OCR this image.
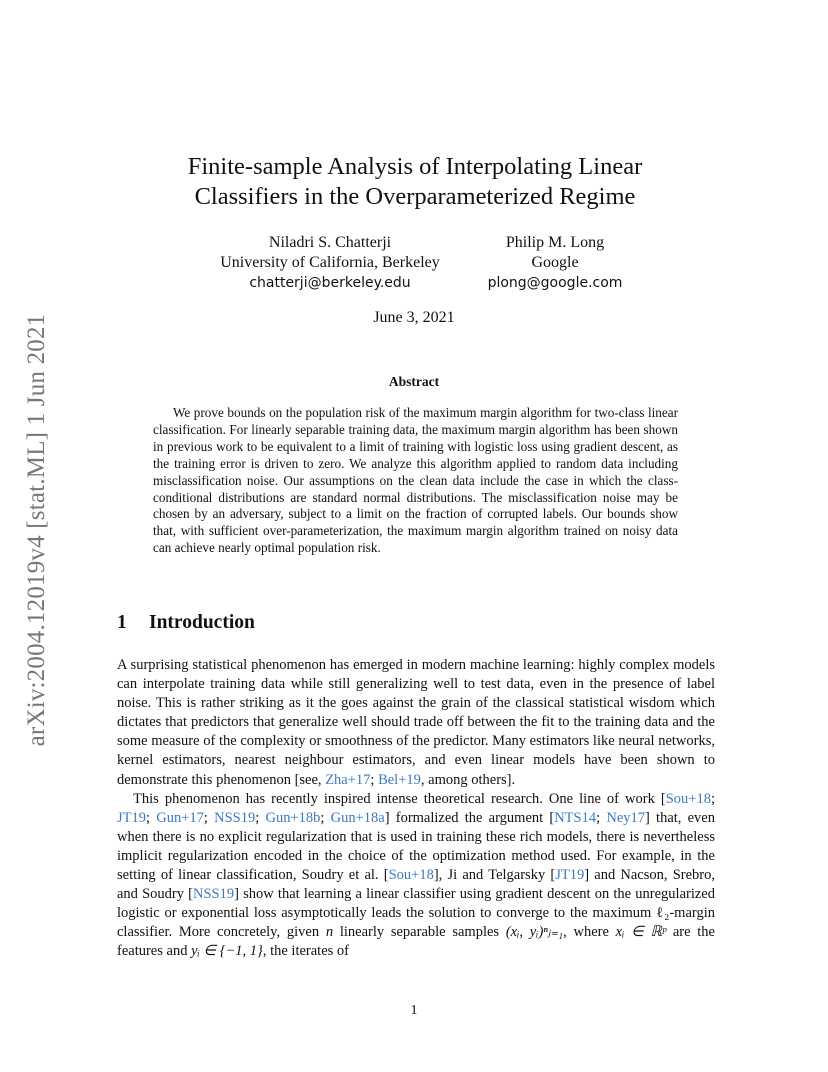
arXiv:2004.12019v4 [stat.ML] 1 Jun 2021
Finite-sample Analysis of Interpolating Linear
Classifiers in the Overparameterized Regime
Niladri S. Chatterji
University of California, Berkeley
chatterji@berkeley.edu
Philip M. Long
Google
plong@google.com
June 3, 2021
Abstract
We prove bounds on the population risk of the maximum margin algorithm for two-class linear classification. For linearly separable training data, the maximum margin algorithm has been shown in previous work to be equivalent to a limit of training with logistic loss using gradient descent, as the training error is driven to zero. We analyze this algorithm applied to random data including misclassification noise. Our assumptions on the clean data include the case in which the class-conditional distributions are standard normal distributions. The misclassification noise may be chosen by an adversary, subject to a limit on the fraction of corrupted labels. Our bounds show that, with sufficient over-parameterization, the maximum margin algorithm trained on noisy data can achieve nearly optimal population risk.
1 Introduction

A surprising statistical phenomenon has emerged in modern machine learning: highly complex models can interpolate training data while still generalizing well to test data, even in the presence of label noise. This is rather striking as it the goes against the grain of the classical statistical wisdom which dictates that predictors that generalize well should trade off between the fit to the training data and the some measure of the complexity or smoothness of the predictor. Many estimators like neural networks, kernel estimators, nearest neighbour estimators, and even linear models have been shown to demonstrate this phenomenon [see, Zha+17; Bel+19, among others].

This phenomenon has recently inspired intense theoretical research. One line of work [Sou+18; JT19; Gun+17; NSS19; Gun+18b; Gun+18a] formalized the argument [NTS14; Ney17] that, even when there is no explicit regularization that is used in training these rich models, there is nevertheless implicit regularization encoded in the choice of the optimization method used. For example, in the setting of linear classification, Soudry et al. [Sou+18], Ji and Telgarsky [JT19] and Nacson, Srebro, and Soudry [NSS19] show that learning a linear classifier using gradient descent on the unregularized logistic or exponential loss asymptotically leads the solution to converge to the maximum ℓ₂-margin classifier. More concretely, given n linearly separable samples (xᵢ, yᵢ)ⁿⱼ₌₁, where xᵢ ∈ ℝᵖ are the features and yᵢ ∈ {−1, 1}, the iterates of

1
